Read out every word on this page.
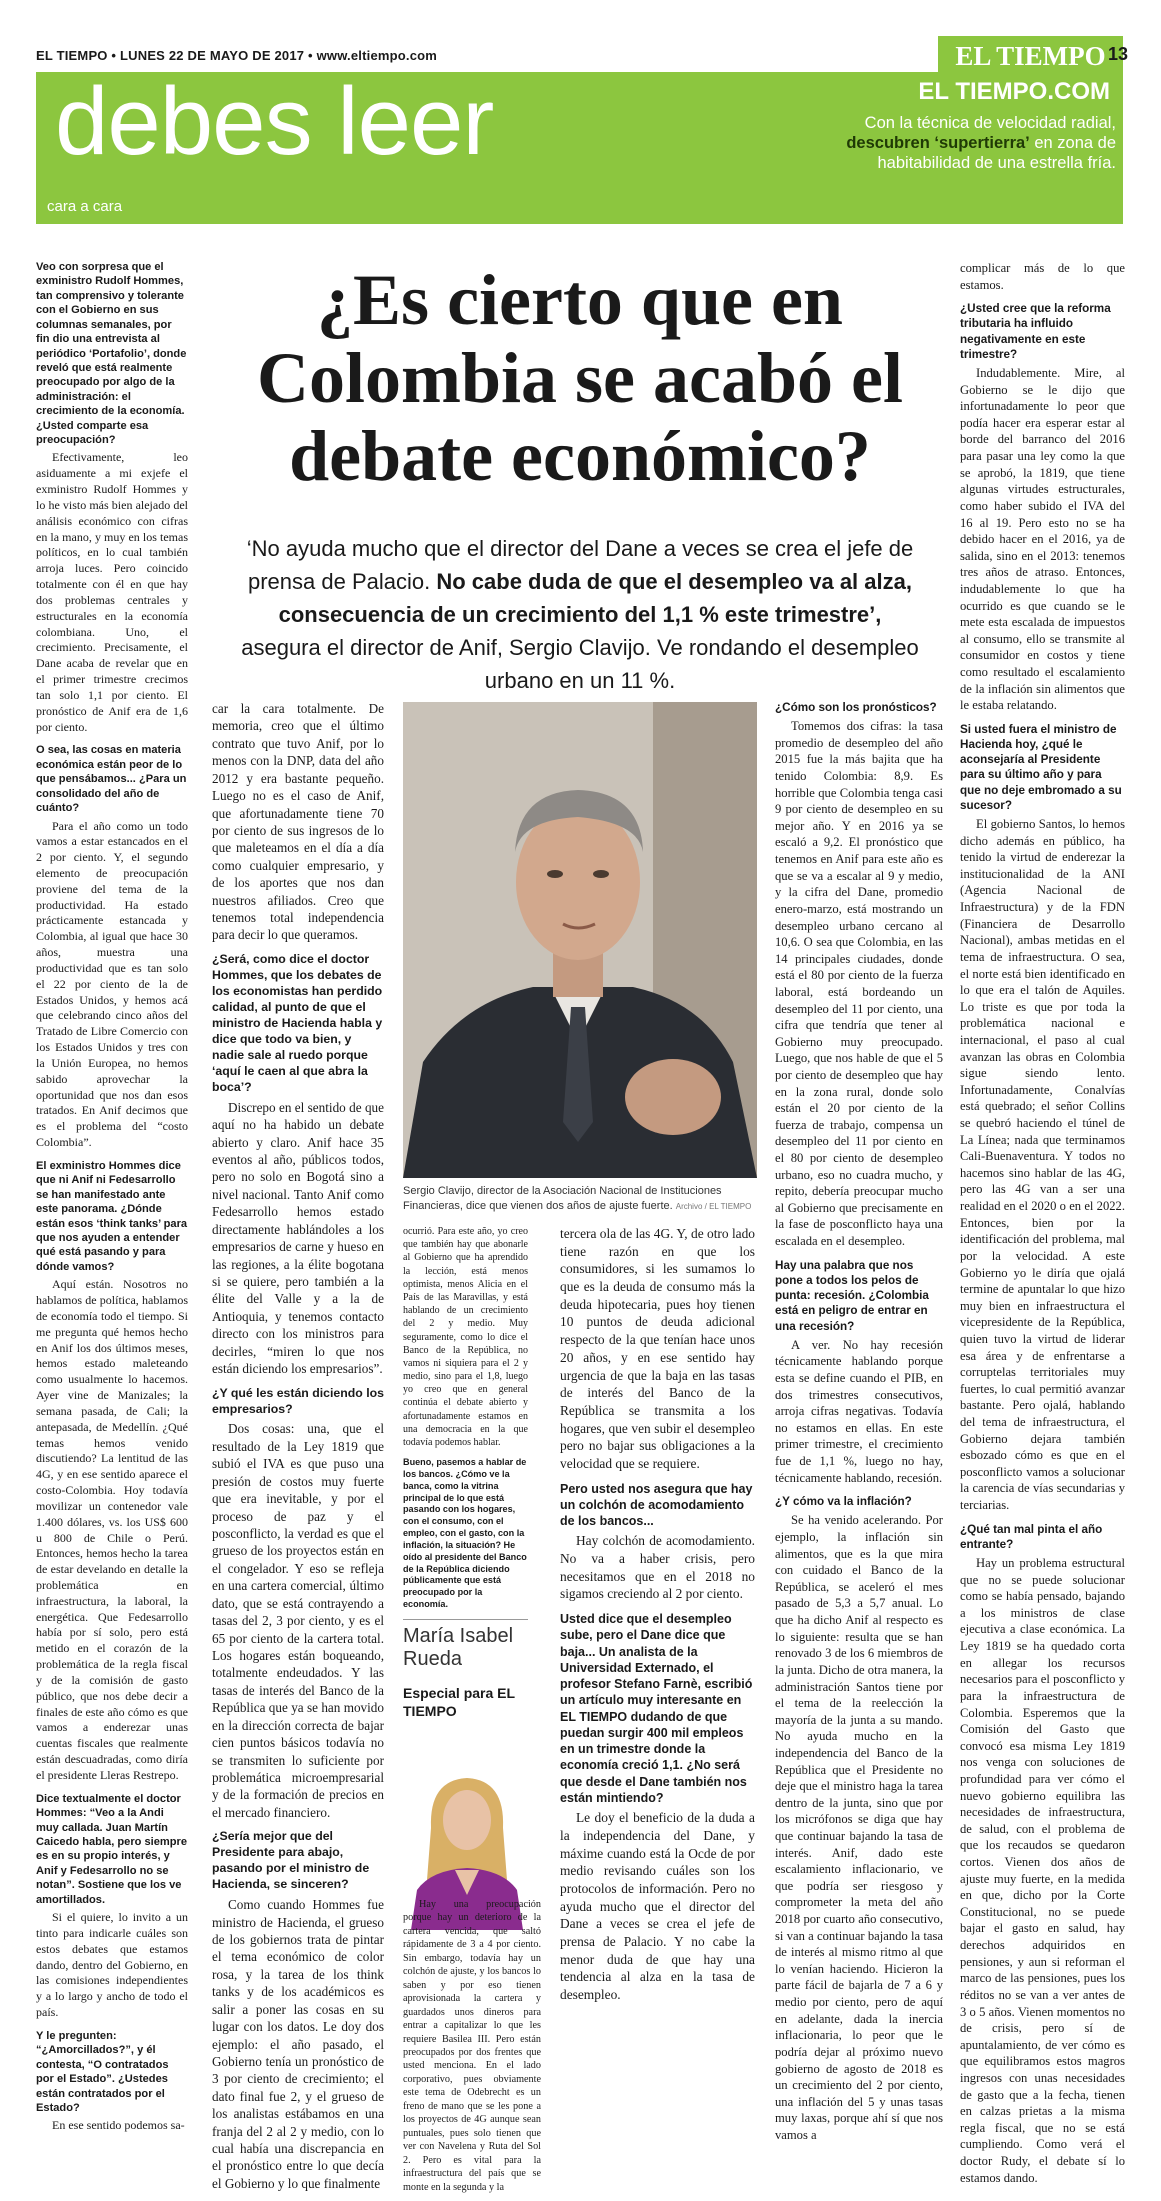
EL TIEMPO • LUNES 22 DE MAYO DE 2017 • www.eltiempo.com	EL TIEMPO 13
debes leer
cara a cara
EL TIEMPO.COM
Con la técnica de velocidad radial,
descubren ‘supertierra’ en zona de habitabilidad de una estrella fría.

Veo con sorpresa que el exministro Rudolf Hommes, tan comprensivo y tolerante con el Gobierno en sus columnas semanales, por fin dio una entrevista al periódico ‘Portafolio’, donde reveló que está realmente preocupado por algo de la administración: el crecimiento de la economía. ¿Usted comparte esa preocupación?

Efectivamente, leo asiduamente a mi exjefe el exministro Rudolf Hommes y lo he visto más bien alejado del análisis económico con cifras en la mano, y muy en los temas políticos, en lo cual también arroja luces. Pero coincido totalmente con él en que hay dos problemas centrales y estructurales en la economía colombiana. Uno, el crecimiento. Precisamente, el Dane acaba de revelar que en el primer trimestre crecimos tan solo 1,1 por ciento. El pronóstico de Anif era de 1,6 por ciento.

O sea, las cosas en materia económica están peor de lo que pensábamos... ¿Para un consolidado del año de cuánto?

Para el año como un todo vamos a estar estancados en el 2 por ciento. Y, el segundo elemento de preocupación proviene del tema de la productividad. Ha estado prácticamente estancada y Colombia, al igual que hace 30 años, muestra una productividad que es tan solo el 22 por ciento de la de Estados Unidos, y hemos acá que celebrando cinco años del Tratado de Libre Comercio con los Estados Unidos y tres con la Unión Europea, no hemos sabido aprovechar la oportunidad que nos dan esos tratados. En Anif decimos que es el problema del “costo Colombia”.

El exministro Hommes dice que ni Anif ni Fedesarrollo se han manifestado ante este panorama. ¿Dónde están esos ‘think tanks’ para que nos ayuden a entender qué está pasando y para dónde vamos?

Aquí están. Nosotros no hablamos de política, hablamos de economía todo el tiempo. Si me pregunta qué hemos hecho en Anif los dos últimos meses, hemos estado maleteando como usualmente lo hacemos. Ayer vine de Manizales; la semana pasada, de Cali; la antepasada, de Medellín. ¿Qué temas hemos venido discutiendo? La lentitud de las 4G, y en ese sentido aparece el costo-Colombia. Hoy todavía movilizar un contenedor vale 1.400 dólares, vs. los US$ 600 u 800 de Chile o Perú. Entonces, hemos hecho la tarea de estar develando en detalle la problemática en infraestructura, la laboral, la energética. Que Fedesarrollo había por sí solo, pero está metido en el corazón de la problemática de la regla fiscal y de la comisión de gasto público, que nos debe decir a finales de este año cómo es que vamos a enderezar unas cuentas fiscales que realmente están descuadradas, como diría el presidente Lleras Restrepo.

Dice textualmente el doctor Hommes: “Veo a la Andi muy callada. Juan Martín Caicedo habla, pero siempre es en su propio interés, y Anif y Fedesarrollo no se notan”. Sostiene que los ve amortillados.

Si el quiere, lo invito a un tinto para indicarle cuáles son estos debates que estamos dando, dentro del Gobierno, en las comisiones independientes y a lo largo y ancho de todo el país.

Y le pregunten: “¿Amorcillados?”, y él contesta, “O contratados por el Estado”. ¿Ustedes están contratados por el Estado?

En ese sentido podemos sa-

¿Es cierto que en Colombia se acabó el debate económico?
‘No ayuda mucho que el director del Dane a veces se crea el jefe de prensa de Palacio. No cabe duda de que el desempleo va al alza, consecuencia de un crecimiento del 1,1 % este trimestre’, asegura el director de Anif, Sergio Clavijo. Ve rondando el desempleo urbano en un 11 %.

car la cara totalmente. De memoria, creo que el último contrato que tuvo Anif, por lo menos con la DNP, data del año 2012 y era bastante pequeño. Luego no es el caso de Anif, que afortunadamente tiene 70 por ciento de sus ingresos de lo que maleteamos en el día a día como cualquier empresario, y de los aportes que nos dan nuestros afiliados. Creo que tenemos total independencia para decir lo que queramos.

¿Será, como dice el doctor Hommes, que los debates de los economistas han perdido calidad, al punto de que el ministro de Hacienda habla y dice que todo va bien, y nadie sale al ruedo porque ‘aquí le caen al que abra la boca’?

Discrepo en el sentido de que aquí no ha habido un debate abierto y claro. Anif hace 35 eventos al año, públicos todos, pero no solo en Bogotá sino a nivel nacional. Tanto Anif como Fedesarrollo hemos estado directamente hablándoles a los empresarios de carne y hueso en las regiones, a la élite bogotana si se quiere, pero también a la élite del Valle y a la de Antioquia, y tenemos contacto directo con los ministros para decirles, “miren lo que nos están diciendo los empresarios”.

¿Y qué les están diciendo los empresarios?

Dos cosas: una, que el resultado de la Ley 1819 que subió el IVA es que puso una presión de costos muy fuerte que era inevitable, y por el proceso de paz y el posconflicto, la verdad es que el grueso de los proyectos están en el congelador. Y eso se refleja en una cartera comercial, último dato, que se está contrayendo a tasas del 2, 3 por ciento, y es el 65 por ciento de la cartera total. Los hogares están boqueando, totalmente endeudados. Y las tasas de interés del Banco de la República que ya se han movido en la dirección correcta de bajar cien puntos básicos todavía no se transmiten lo suficiente por problemática microempresarial y de la formación de precios en el mercado financiero.

¿Sería mejor que del Presidente para abajo, pasando por el ministro de Hacienda, se sinceren?

Como cuando Hommes fue ministro de Hacienda, el grueso de los gobiernos trata de pintar el tema económico de color rosa, y la tarea de los think tanks y de los académicos es salir a poner las cosas en su lugar con los datos. Le doy dos ejemplo: el año pasado, el Gobierno tenía un pronóstico de 3 por ciento de crecimiento; el dato final fue 2, y el grueso de los analistas estábamos en una franja del 2 al 2 y medio, con lo cual había una discrepancia en el pronóstico entre lo que decía el Gobierno y lo que finalmente

Sergio Clavijo, director de la Asociación Nacional de Instituciones Financieras, dice que vienen dos años de ajuste fuerte. Archivo / EL TIEMPO

ocurrió. Para este año, yo creo que también hay que abonarle al Gobierno que ha aprendido la lección, está menos optimista, menos Alicia en el País de las Maravillas, y está hablando de un crecimiento del 2 y medio. Muy seguramente, como lo dice el Banco de la República, no vamos ni siquiera para el 2 y medio, sino para el 1,8, luego yo creo que en general continúa el debate abierto y afortunadamente estamos en una democracia en la que todavía podemos hablar.

Bueno, pasemos a hablar de los bancos. ¿Cómo ve la banca, como la vitrina principal de lo que está pasando con los hogares, con el consumo, con el empleo, con el gasto, con la inflación, la situación? He oído al presidente del Banco de la República diciendo públicamente que está preocupado por la economía.

María Isabel
Rueda
Especial para EL TIEMPO

Hay una preocupación porque hay un deterioro de la cartera vencida, que saltó rápidamente de 3 a 4 por ciento. Sin embargo, todavía hay un colchón de ajuste, y los bancos lo saben y por eso tienen aprovisionada la cartera y guardados unos dineros para entrar a capitalizar lo que les requiere Basilea III. Pero están preocupados por dos frentes que usted menciona. En el lado corporativo, pues obviamente este tema de Odebrecht es un freno de mano que se les pone a los proyectos de 4G aunque sean puntuales, pues solo tienen que ver con Navelena y Ruta del Sol 2. Pero es vital para la infraestructura del país que se monte en la segunda y la

tercera ola de las 4G. Y, de otro lado tiene razón en que los consumidores, si les sumamos lo que es la deuda de consumo más la deuda hipotecaria, pues hoy tienen 10 puntos de deuda adicional respecto de la que tenían hace unos 20 años, y en ese sentido hay urgencia de que la baja en las tasas de interés del Banco de la República se transmita a los hogares, que ven subir el desempleo pero no bajar sus obligaciones a la velocidad que se requiere.

Pero usted nos asegura que hay un colchón de acomodamiento de los bancos...

Hay colchón de acomodamiento. No va a haber crisis, pero necesitamos que en el 2018 no sigamos creciendo al 2 por ciento.

Usted dice que el desempleo sube, pero el Dane dice que baja... Un analista de la Universidad Externado, el profesor Stefano Farnè, escribió un artículo muy interesante en EL TIEMPO dudando de que puedan surgir 400 mil empleos en un trimestre donde la economía creció 1,1. ¿No será que desde el Dane también nos están mintiendo?

Le doy el beneficio de la duda a la independencia del Dane, y máxime cuando está la Ocde de por medio revisando cuáles son los protocolos de información. Pero no ayuda mucho que el director del Dane a veces se crea el jefe de prensa de Palacio. Y no cabe la menor duda de que hay una tendencia al alza en la tasa de desempleo.

¿Cómo son los pronósticos?

Tomemos dos cifras: la tasa promedio de desempleo del año 2015 fue la más bajita que ha tenido Colombia: 8,9. Es horrible que Colombia tenga casi 9 por ciento de desempleo en su mejor año. Y en 2016 ya se escaló a 9,2. El pronóstico que tenemos en Anif para este año es que se va a escalar al 9 y medio, y la cifra del Dane, promedio enero-marzo, está mostrando un desempleo urbano cercano al 10,6. O sea que Colombia, en las 14 principales ciudades, donde está el 80 por ciento de la fuerza laboral, está bordeando un desempleo del 11 por ciento, una cifra que tendría que tener al Gobierno muy preocupado. Luego, que nos hable de que el 5 por ciento de desempleo que hay en la zona rural, donde solo están el 20 por ciento de la fuerza de trabajo, compensa un desempleo del 11 por ciento en el 80 por ciento de desempleo urbano, eso no cuadra mucho, y repito, debería preocupar mucho al Gobierno que precisamente en la fase de posconflicto haya una escalada en el desempleo.

Hay una palabra que nos pone a todos los pelos de punta: recesión. ¿Colombia está en peligro de entrar en una recesión?

A ver. No hay recesión técnicamente hablando porque esta se define cuando el PIB, en dos trimestres consecutivos, arroja cifras negativas. Todavía no estamos en ellas. En este primer trimestre, el crecimiento fue de 1,1 %, luego no hay, técnicamente hablando, recesión.

¿Y cómo va la inflación?

Se ha venido acelerando. Por ejemplo, la inflación sin alimentos, que es la que mira con cuidado el Banco de la República, se aceleró el mes pasado de 5,3 a 5,7 anual. Lo que ha dicho Anif al respecto es lo siguiente: resulta que se han renovado 3 de los 6 miembros de la junta. Dicho de otra manera, la administración Santos tiene por el tema de la reelección la mayoría de la junta a su mando. No ayuda mucho en la independencia del Banco de la República que el Presidente no deje que el ministro haga la tarea dentro de la junta, sino que por los micrófonos se diga que hay que continuar bajando la tasa de interés. Anif, dado este escalamiento inflacionario, ve que podría ser riesgoso y comprometer la meta del año 2018 por cuarto año consecutivo, si van a continuar bajando la tasa de interés al mismo ritmo al que lo venían haciendo. Hicieron la parte fácil de bajarla de 7 a 6 y medio por ciento, pero de aquí en adelante, dada la inercia inflacionaria, lo peor que le podría dejar al próximo nuevo gobierno de agosto de 2018 es un crecimiento del 2 por ciento, una inflación del 5 y unas tasas muy laxas, porque ahí sí que nos vamos a

complicar más de lo que estamos.

¿Usted cree que la reforma tributaria ha influido negativamente en este trimestre?

Indudablemente. Mire, al Gobierno se le dijo que infortunadamente lo peor que podía hacer era esperar estar al borde del barranco del 2016 para pasar una ley como la que se aprobó, la 1819, que tiene algunas virtudes estructurales, como haber subido el IVA del 16 al 19. Pero esto no se ha debido hacer en el 2016, ya de salida, sino en el 2013: tenemos tres años de atraso. Entonces, indudablemente lo que ha ocurrido es que cuando se le mete esta escalada de impuestos al consumo, ello se transmite al consumidor en costos y tiene como resultado el escalamiento de la inflación sin alimentos que le estaba relatando.

Si usted fuera el ministro de Hacienda hoy, ¿qué le aconsejaría al Presidente para su último año y para que no deje embromado a su sucesor?

El gobierno Santos, lo hemos dicho además en público, ha tenido la virtud de enderezar la institucionalidad de la ANI (Agencia Nacional de Infraestructura) y de la FDN (Financiera de Desarrollo Nacional), ambas metidas en el tema de infraestructura. O sea, el norte está bien identificado en lo que era el talón de Aquiles. Lo triste es que por toda la problemática nacional e internacional, el paso al cual avanzan las obras en Colombia sigue siendo lento. Infortunadamente, Conalvías está quebrado; el señor Collins se quebró haciendo el túnel de La Línea; nada que terminamos Cali-Buenaventura. Y todos no hacemos sino hablar de las 4G, pero las 4G van a ser una realidad en el 2020 o en el 2022. Entonces, bien por la identificación del problema, mal por la velocidad. A este Gobierno yo le diría que ojalá termine de apuntalar lo que hizo muy bien en infraestructura el vicepresidente de la República, quien tuvo la virtud de liderar esa área y de enfrentarse a corruptelas territoriales muy fuertes, lo cual permitió avanzar bastante. Pero ojalá, hablando del tema de infraestructura, el Gobierno dejara también esbozado cómo es que en el posconflicto vamos a solucionar la carencia de vías secundarias y terciarias.

¿Qué tan mal pinta el año entrante?

Hay un problema estructural que no se puede solucionar como se había pensado, bajando a los ministros de clase ejecutiva a clase económica. La Ley 1819 se ha quedado corta en allegar los recursos necesarios para el posconflicto y para la infraestructura de Colombia. Esperemos que la Comisión del Gasto que convocó esa misma Ley 1819 nos venga con soluciones de profundidad para ver cómo el nuevo gobierno equilibra las necesidades de infraestructura, de salud, con el problema de que los recaudos se quedaron cortos. Vienen dos años de ajuste muy fuerte, en la medida en que, dicho por la Corte Constitucional, no se puede bajar el gasto en salud, hay derechos adquiridos en pensiones, y aun si reforman el marco de las pensiones, pues los réditos no se van a ver antes de 3 o 5 años. Vienen momentos no de crisis, pero sí de apuntalamiento, de ver cómo es que equilibramos estos magros ingresos con unas necesidades de gasto que a la fecha, tienen en calzas prietas a la misma regla fiscal, que no se está cumpliendo. Como verá el doctor Rudy, el debate sí lo estamos dando.
